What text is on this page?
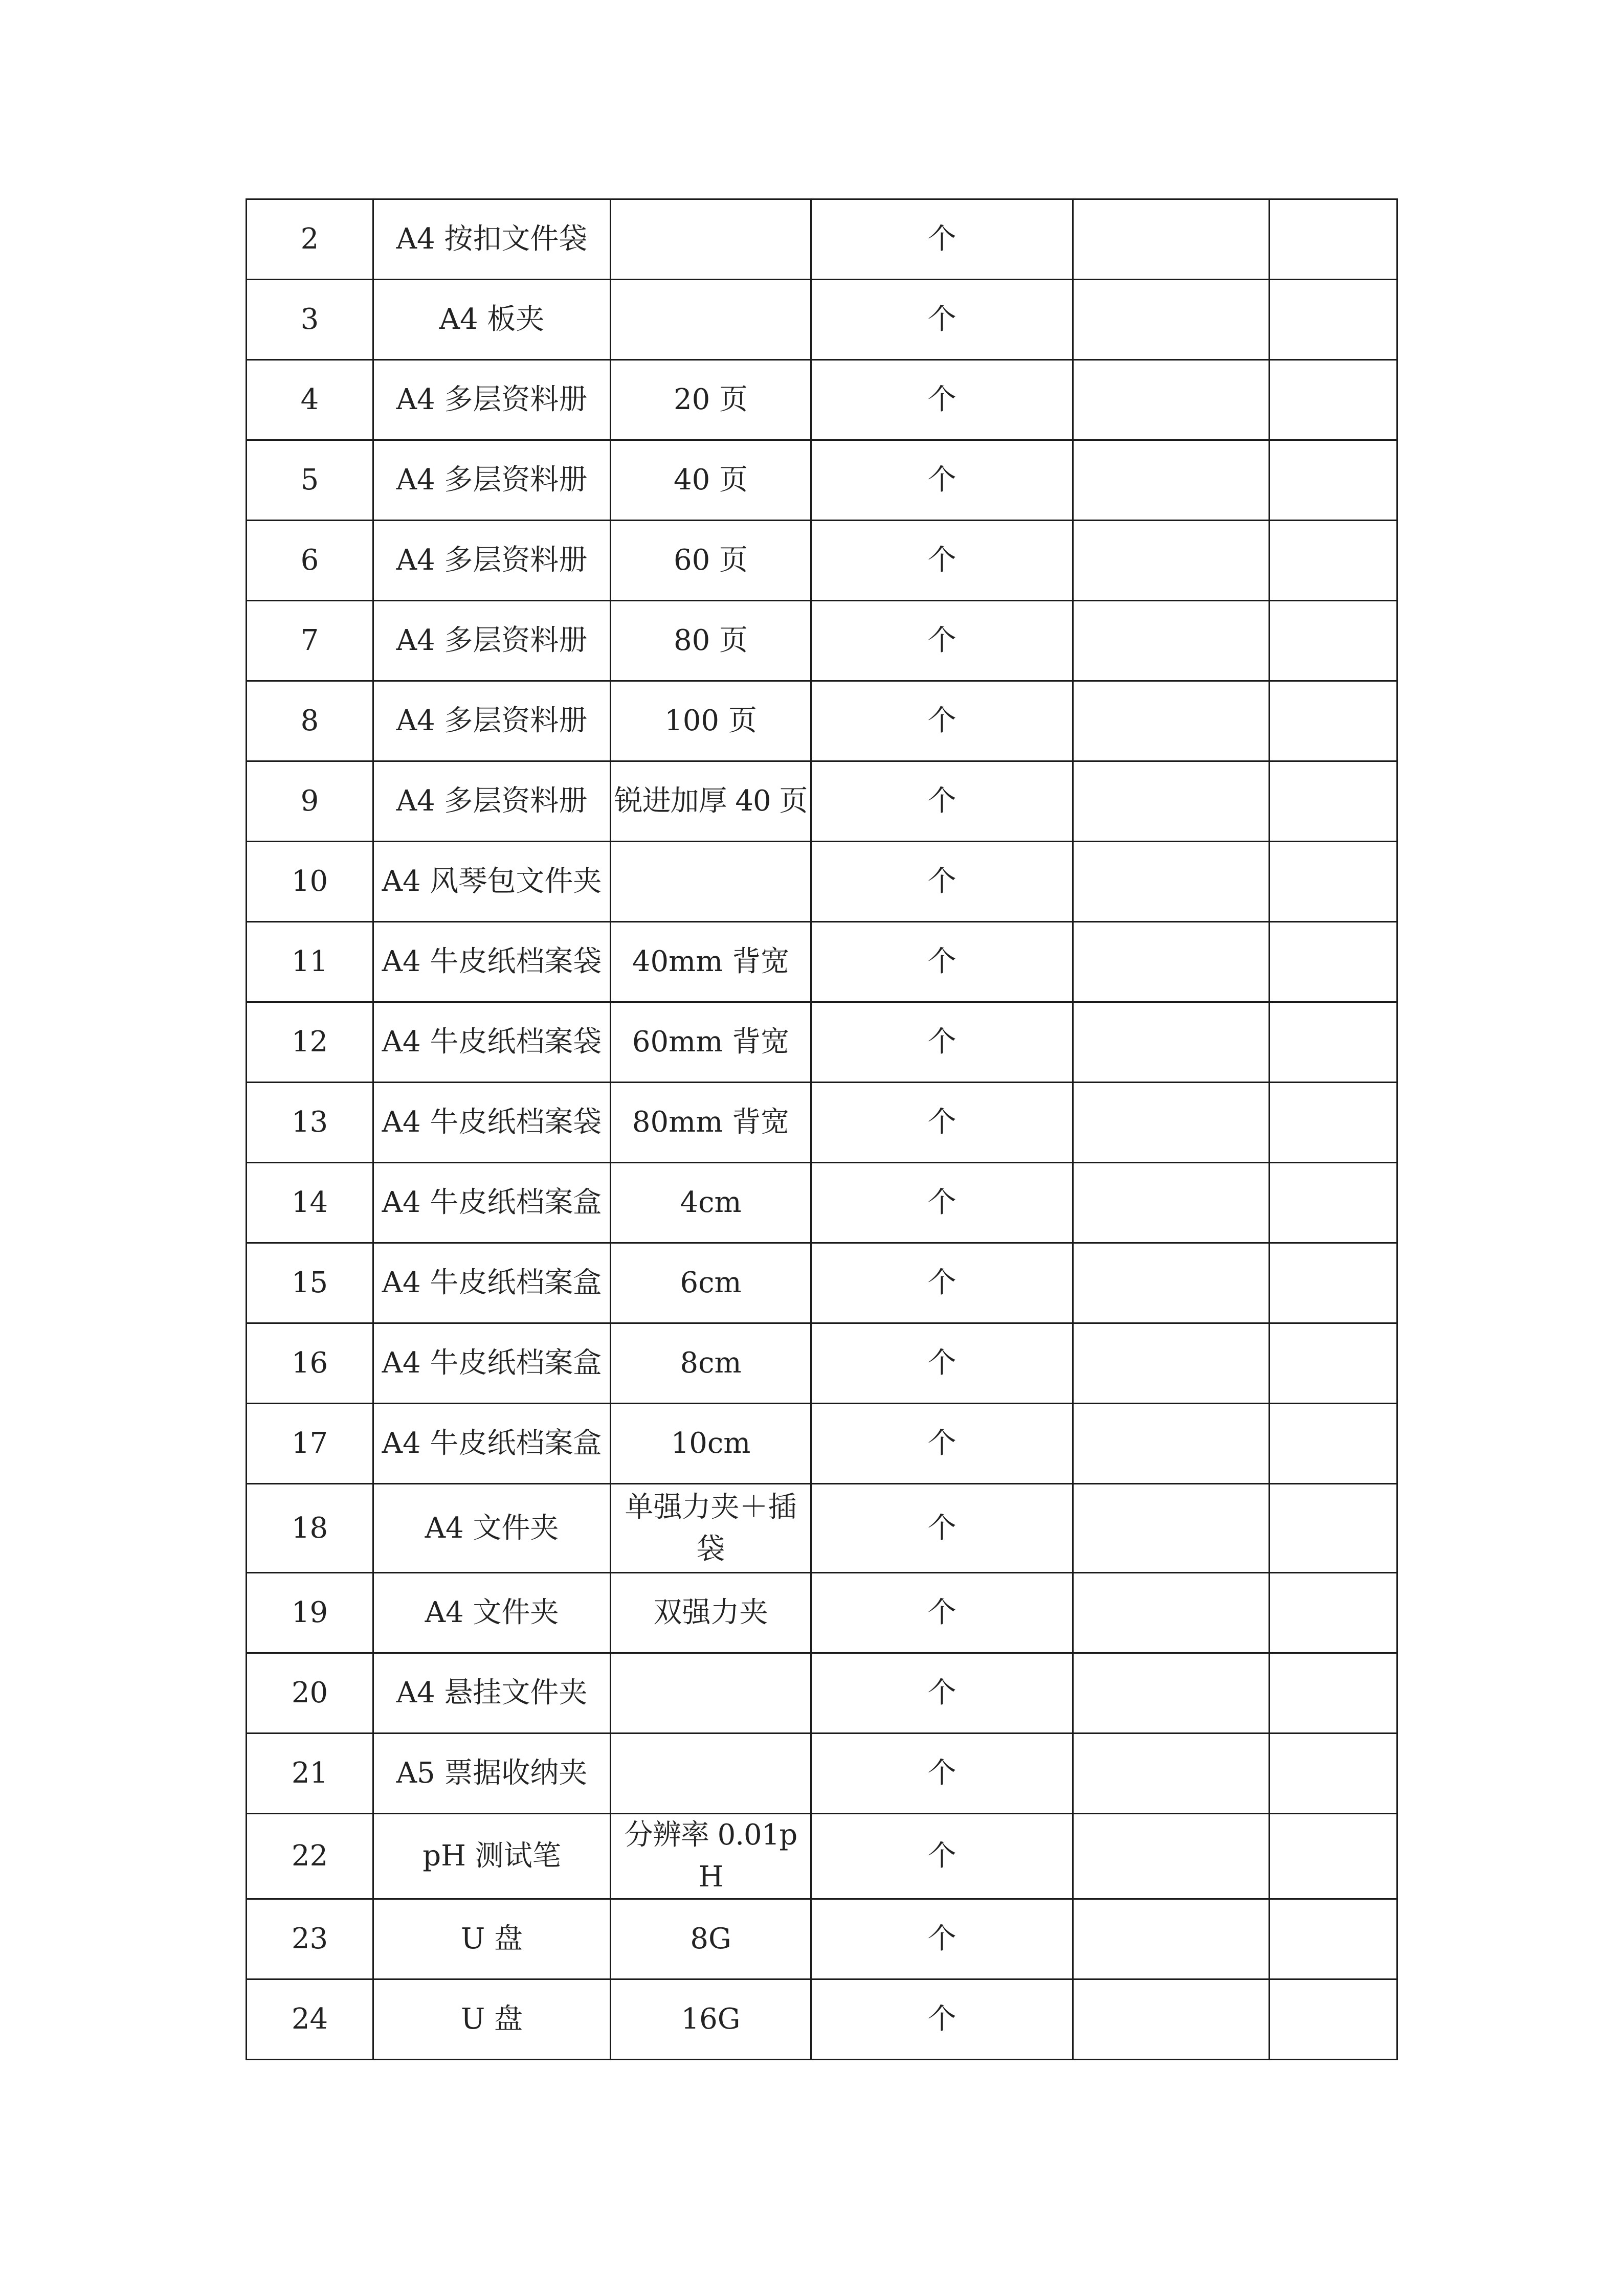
2	A4 按扣文件袋		个		
3	A4 板夹		个		
4	A4 多层资料册	20 页	个		
5	A4 多层资料册	40 页	个		
6	A4 多层资料册	60 页	个		
7	A4 多层资料册	80 页	个		
8	A4 多层资料册	100 页	个		
9	A4 多层资料册	锐进加厚 40 页	个		
10	A4 风琴包文件夹		个		
11	A4 牛皮纸档案袋	40mm 背宽	个		
12	A4 牛皮纸档案袋	60mm 背宽	个		
13	A4 牛皮纸档案袋	80mm 背宽	个		
14	A4 牛皮纸档案盒	4cm	个		
15	A4 牛皮纸档案盒	6cm	个		
16	A4 牛皮纸档案盒	8cm	个		
17	A4 牛皮纸档案盒	10cm	个		
18	A4 文件夹	单强力夹＋插袋	个		
19	A4 文件夹	双强力夹	个		
20	A4 悬挂文件夹		个		
21	A5 票据收纳夹		个		
22	pH 测试笔	分辨率 0.01pH	个		
23	U 盘	8G	个		
24	U 盘	16G	个		
